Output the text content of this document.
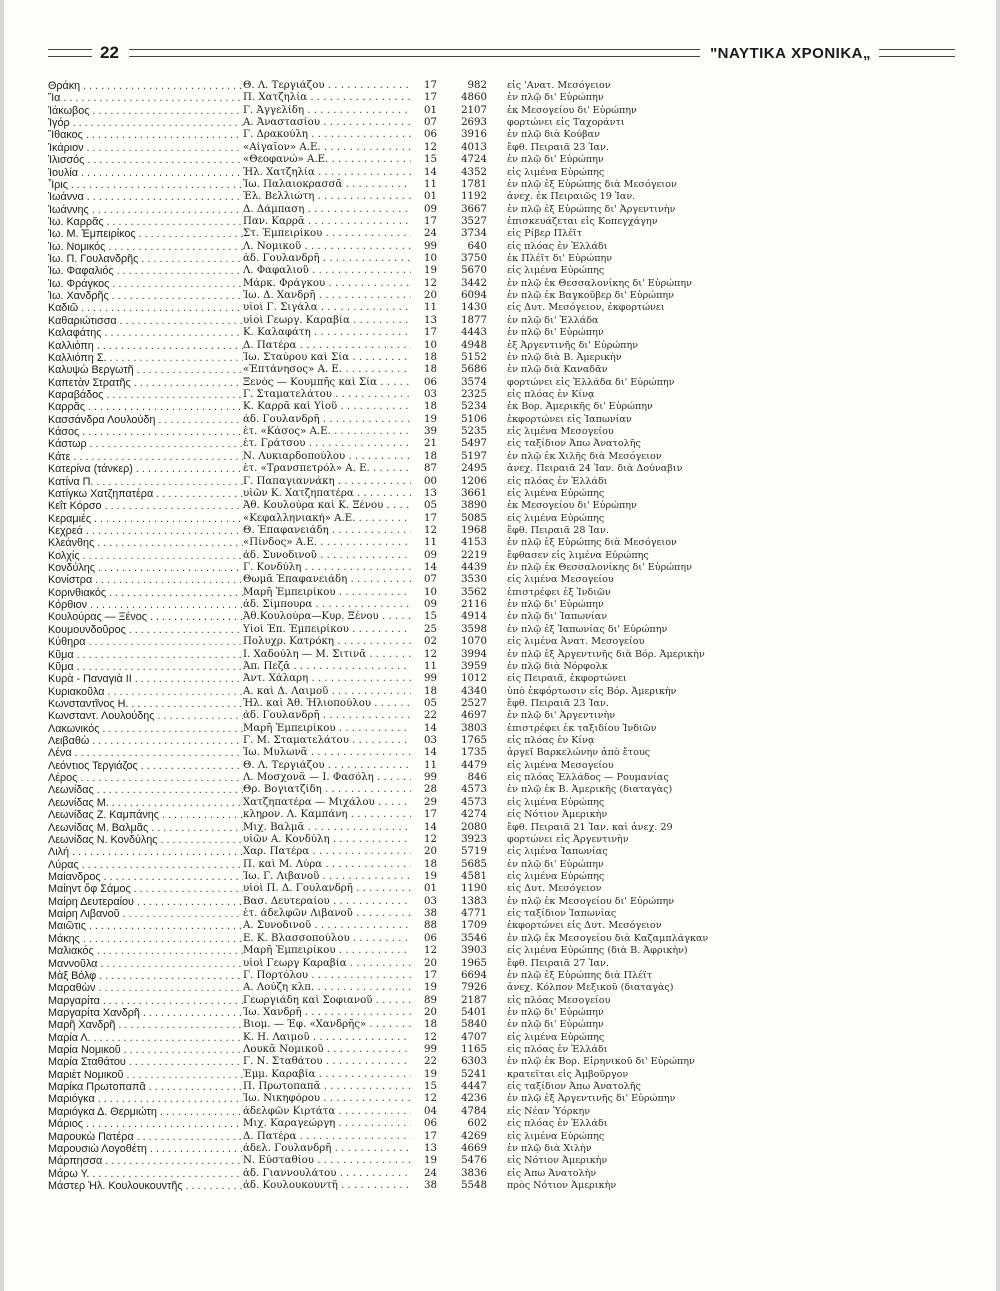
22	"ΝΑΥΤΙΚΑ ΧΡΟΝΙΚΑ„
Θράκη . . .	Θ. Λ. Τεργιάζου . . .	17	982 εἰς 'Ανατ. Μεσόγειον
Ἴα . . .	Π. Χατζηλία . . .	17	4860 ἐν πλῷ δι' Εὐρώπην
Ἰάκωβος . . .	Γ. Ἀγγελίδη . . .	01	2107 ἐκ Μεσογείου δι' Εὐρώπην
Ἰγόρ . . .	Α. Ἀναστασίου . . .	07	2693 φορτώνει εἰς Ταχοράντι
Ἴθακος . . .	Γ. Δρακούλη . . .	06	3916 ἐν πλῷ διὰ Κούβαν
Ἰκάριον . . .	«Αἰγαῖον» Α.Ε. . . .	12	4013 ἔφθ. Πειραιᾶ 23 Ἰαν.
Ἰλισσός . . .	«Θεοφανώ» Α.Ε. . . .	15	4724 ἐν πλῷ δι' Εὐρώπην
Ἰουλία . . .	Ἠλ. Χατζηλία . . .	14	4352 εἰς λιμένα Εὐρώπης
Ἶρις . . .	Ἰω. Παλαιοκρασσᾶ . . .	11	1781 ἐν πλῷ ἐξ Εὐρώπης διὰ Μεσόγειον
Ἰωάννα . . .	Ἐλ. Βελλιώτη . . .	01	1192 ἀνεχ. ἐκ Πειραιῶς 19 Ἰαν.
Ἰωάννης . . .	Δ. Δάμπαση . . .	09	3667 ἐν πλῷ ἐξ Εὐρώπης δι' Ἀργεντινὴν
Ἰω. Καρρᾶς . . .	Παν. Καρρᾶ . . .	17	3527 ἐπισκευάζεται εἰς Κοπεγχάγην
Ἰω. Μ. Ἐμπειρίκος . . .	Στ. Ἐμπειρίκου . . .	24	3734 εἰς Ρίβερ Πλέϊτ
Ἰω. Νομικός . . .	Λ. Νομικοῦ . . .	99	640 εἰς πλόας ἐν Ἑλλάδι
Ἰω. Π. Γουλανδρῆς . . .	ἀδ. Γουλανδρῆ . . .	10	3750 ἐκ Πλέϊτ δι' Εὐρώπην
Ἰω. Φαφαλιός . . .	Λ. Φαφαλιοῦ . . .	19	5670 εἰς λιμένα Εὐρώπης
Ἰω. Φράγκος . . .	Μάρκ. Φράγκου . . .	12	3442 ἐν πλῷ ἐκ Θεσσαλονίκης δι' Εὐρώπην
Ἰω. Χανδρῆς . . .	Ἰω. Δ. Χανδρῆ . . .	20	6094 ἐν πλῷ ἐκ Βαγκοῦβερ δι' Εὐρώπην
Καδιῶ . . .	υἱοὶ Γ. Σιγάλα . . .	11	1430 εἰς Δυτ. Μεσόγειον, ἐκφορτώνει
Καθαριώτισσα . . .	υἱοὶ Γεωργ. Καραβία . . .	13	1877 ἐν πλῷ δι' Ἑλλάδα
Καλαφάτης . . .	Κ. Καλαφάτη . . .	17	4443 ἐν πλῷ δι' Εὐρώπην
Καλλιόπη . . .	Δ. Πατέρα . . .	10	4948 ἐξ Ἀργεντινῆς δι' Εὐρώπην
Καλλιόπη Σ. . . .	Ἰω. Σταύρου καὶ Σία . . .	18	5152 ἐν πλῷ διὰ Β. Ἀμερικὴν
Καλυψὼ Βεργωτῆ . . .	«Ἑπτάνησος» Α. Ε. . . .	18	5686 ἐν πλῷ διὰ Καναδᾶν
Καπετὰν Στρατῆς . . .	Ξενὸς — Κουμπῆς καὶ Σία . . .	06	3574 φορτώνει εἰς Ἑλλάδα δι' Εὐρώπην
Καραβάδος . . .	Γ. Σταματελάτου . . .	03	2325 εἰς πλόας ἐν Κίνᾳ
Καρρᾶς . . .	Κ. Καρρᾶ καὶ Υἱοῦ . . .	18	5234 ἐκ Βορ. Ἀμερικῆς δι' Εὐρώπην
Κασσάνδρα Λουλούδη . . .	ἀδ. Γουλανδρῆ . . .	19	5106 ἐκφορτώνει εἰς Ἰαπωνίαν
Κάσος . . .	ἑτ. «Κάσος» Α.Ε. . . .	39	5235 εἰς λιμένα Μεσογείου
Κάστωρ . . .	ἑτ. Γράτσου . . .	21	5497 εἰς ταξίδιον Ἀπω Ἀνατολῆς
Κάτε . . .	Ν. Λυκιαρδοπούλου . . .	18	5197 ἐν πλῷ ἐκ Χιλῆς διὰ Μεσόγειον
Κατερίνα (τάνκερ) . . .	ἑτ. «Τρανσπετρόλ» Α. Ε. . . .	87	2495 ἀνεχ. Πειραιᾶ 24 Ἰαν. διὰ Δούναβιν
Κατίνα Π. . . .	Γ. Παπαγιαννάκη . . .	00	1206 εἰς πλόας ἐν Ἑλλάδι
Κατίγκω Χατζηπατέρα . . .	υἱῶν Κ. Χατζηπατέρα . . .	13	3661 εἰς λιμένα Εὐρώπης
Κεΐτ Κόρσο . . .	Ἀθ. Κουλούρα καὶ Κ. Ξένου . . .	05	3890 ἐκ Μεσογείου δι' Εὐρώπην
Κεραμιές . . .	«Κεφαλληνιακή» Α.Ε. . . .	17	5085 εἰς λιμένα Εὐρώπης
Κεχρεά . . .	Θ. Ἐπαφανειάδη . . .	12	1968 ἔφθ. Πειραιᾶ 28 Ἰαν.
Κλεάνθης . . .	«Πίνδος» Α.Ε. . . .	11	4153 ἐν πλῷ ἐξ Εὐρώπης διὰ Μεσόγειον
Κολχίς . . .	ἀδ. Συνοδινοῦ . . .	09	2219 ἔφθασεν εἰς λιμένα Εὐρώπης
Κονδύλης . . .	Γ. Κονδύλη . . .	14	4439 ἐν πλῷ ἐκ Θεσσαλονίκης δι' Εὐρώπην
Κονίστρα . . .	Θωμᾶ Ἐπαφανειάδη . . .	07	3530 εἰς λιμένα Μεσογείου
Κορινθιακός . . .	Μαρῆ Ἐμπειρίκου . . .	10	3562 ἐπιστρέφει ἐξ Ἰνδιῶν
Κόρθιον . . .	ἀδ. Σίμπουρα . . .	09	2116 ἐν πλῷ δι' Εὐρώπην
Κουλούρας — Ξένος . . .	Ἀθ.Κουλούρα—Κυρ. Ξένου . . .	15	4914 ἐν πλῷ δι' Ἰαπωνίαν
Κουμουνδοῦρος . . .	Υἱοὶ Ἐπ. Ἐμπειρίκου . . .	25	3598 ἐν πλῷ ἐξ Ἰαπωνίας δι' Εὐρώπην
Κύθηρα . . .	Πολυχρ. Κατρόκη . . .	02	1070 εἰς λιμένα Ἀνατ. Μεσογείου
Κῦμα . . .	Ι. Χαδούλη — Μ. Σιτινᾶ . . .	12	3994 ἐν πλῷ ἐξ Ἀργεντινῆς διὰ Βόρ. Ἀμερικὴν
Κῦμα . . .	Ἀπ. Πεζᾶ . . .	11	3959 ἐν πλῷ διὰ Νόρφολκ
Κυρὰ - Παναγιὰ ΙΙ . . .	Ἀντ. Χάλαρη . . .	99	1012 εἰς Πειραιᾶ, ἐκφορτώνει
Κυριακοῦλα . . .	Α. καὶ Δ. Λαιμοῦ . . .	18	4340 ὑπὸ ἐκφόρτωσιν εἰς Βόρ. Ἀμερικὴν
Κωνσταντῖνος Η. . . .	Ἠλ. καὶ Ἀθ. Ἡλιοπούλου . . .	05	2527 ἔφθ. Πειραιᾶ 23 Ἰαν.
Κωνσταντ. Λουλούδης . . .	ἀδ. Γουλανδρῆ . . .	22	4697 ἐν πλῷ δι' Ἀργεντινὴν
Λακωνικός . . .	Μαρῆ Ἐμπειρίκου . . .	14	3803 ἐπιστρέφει ἐκ ταξιδίου Ἰνδιῶν
Λειβαθὼ . . .	Γ. Μ. Σταματελάτου . . .	03	1765 εἰς πλόας ἐν Κίνᾳ
Λένα . . .	Ἰω. Μυλωνᾶ . . .	14	1735 ἀργεῖ Βαρκελώνην ἀπὸ ἔτους
Λεόντιος Τεργιάζος . . .	Θ. Λ. Τεργιάζου . . .	11	4479 εἰς λιμένα Μεσογείου
Λέρος . . .	Λ. Μοσχονᾶ — Ι. Φασόλη . . .	99	846 εἰς πλόας Ἑλλάδος — Ρουμανίας
Λεωνίδας . . .	Θρ. Βογιατζίδη . . .	28	4573 ἐν πλῷ ἐκ Β. Ἀμερικῆς (διαταγὰς)
Λεωνίδας Μ. . . .	Χατζηπατέρα — Μιχάλου . . .	29	4573 εἰς λιμένα Εὐρώπης
Λεωνίδας Ζ. Καμπάνης . . .	κληρον. Λ. Καμπάνη . . .	17	4274 εἰς Νότιον Ἀμερικὴν
Λεωνίδας Μ. Βαλμᾶς . . .	Μιχ. Βαλμᾶ . . .	14	2080 ἔφθ. Πειραιᾶ 21 Ἰαν. καὶ ἀνεχ. 29
Λεωνίδας Ν. Κονδύλης . . .	υἱῶν Α. Κονδύλη . . .	12	3923 φορτώνει εἰς Ἀργεντινὴν
Λιλή . . .	Χαρ. Πατέρα . . .	20	5719 εἰς λιμένα Ἰαπωνίας
Λύρας . . .	Π. καὶ Μ. Λύρα . . .	18	5685 ἐν πλῷ δι' Εὐρώπην
Μαίανδρος . . .	Ἰω. Γ. Λιβανοῦ . . .	19	4581 εἰς λιμένα Εὐρώπης
Μαίηντ ὄφ Σάμος . . .	υἱοὶ Π. Δ. Γουλανδρῆ . . .	01	1190 εἰς Δυτ. Μεσόγειον
Μαίρη Δευτεραίου . . .	Βασ. Δευτεραίου . . .	03	1383 ἐν πλῷ ἐκ Μεσογείου δι' Εὐρώπην
Μαίρη Λιβανοῦ . . .	ἑτ. ἀδελφῶν Λιβανοῦ . . .	38	4771 εἰς ταξίδιον Ἰαπωνίας
Μαιῶτις . . .	Α. Συνοδινοῦ . . .	88	1709 ἐκφορτώνει εἰς Δυτ. Μεσόγειον
Μάκης . . .	Ε. Κ. Βλασσοπούλου . . .	06	3546 ἐν πλῷ ἐκ Μεσογείου διὰ Καζαμπλάγκαν
Μαλιακός . . .	Μαρῆ Ἐμπειρίκου . . .	12	3903 εἰς λιμένα Εὐρώπης (διὰ Β. Ἀφρικὴν)
Μαννοῦλα . . .	υἱοὶ Γεωργ Καραβία . . .	20	1965 ἔφθ. Πειραιᾶ 27 Ἰαν.
Μὰξ Βόλφ . . .	Γ. Πορτόλου . . .	17	6694 ἐν πλῷ ἐξ Εὐρώπης διὰ Πλέϊτ
Μαραθὼν . . .	Α. Λούζη κλπ. . . .	19	7926 ἀνεχ. Κόλπον Μεξικοῦ (διαταγὰς)
Μαργαρίτα . . .	Γεωργιάδη καὶ Σοφιανοῦ . . .	89	2187 εἰς πλόας Μεσογείου
Μαργαρίτα Χανδρῆ . . .	Ἰω. Χανδρῆ . . .	20	5401 ἐν πλῷ δι' Εὐρώπην
Μαρῆ Χανδρῆ . . .	Βιομ. — Ἐφ. «Χανδρῆς» . . .	18	5840 ἐν πλῷ δι' Εὐρώπην
Μαρία Λ. . . .	Κ. Η. Λαιμοῦ . . .	12	4707 εἰς λιμένα Εὐρώπης
Μαρία Νομικοῦ . . .	Λουκᾶ Νομικοῦ . . .	99	1165 εἰς πλόας ἐν Ἑλλάδι
Μαρία Σταθάτου . . .	Γ. Ν. Σταθάτου . . .	22	6303 ἐν πλῷ ἐκ Βορ. Εἰρηνικοῦ δι' Εὐρώπην
Μαριὲτ Νομικοῦ . . .	Ἐμμ. Καραβία . . .	19	5241 κρατεῖται εἰς Ἀμβοῦργον
Μαρίκα Πρωτοπαπᾶ . . .	Π. Πρωτοπαπᾶ . . .	15	4447 εἰς ταξίδιον Ἀπω Ἀνατολῆς
Μαριόγκα . . .	Ἰω. Νικηφόρου . . .	12	4236 ἐν πλῷ ἐξ Ἀργεντινῆς δι' Εὐρώπην
Μαριόγκα Δ. Θερμιώτη . . .	ἀδελφῶν Κιρτάτα . . .	04	4784 εἰς Νέαν Ὑόρκην
Μάριος . . .	Μιχ. Καραγεώργη . . .	06	602 εἰς πλόας ἐν Ἑλλάδι
Μαρουκὼ Πατέρα . . .	Δ. Πατέρα . . .	17	4269 εἰς λιμένα Εὐρώπης
Μαρουσιὼ Λογοθέτη . . .	ἀδελ. Γουλανδρῆ . . .	13	4669 ἐν πλῷ διὰ Χιλὴν
Μάρπησσα . . .	Ν. Εὐσταθίου . . .	19	5476 εἰς Νότιον Ἀμερικὴν
Μάρω Υ. . . .	ἀδ. Γιαννουλάτου . . .	24	3836 εἰς Ἀπω Ἀνατολὴν
Μάστερ Ἠλ. Κουλουκουντῆς . . .	ἀδ. Κουλουκουντῆ . . .	38	5548 πρὸς Νότιον Ἀμερικὴν
